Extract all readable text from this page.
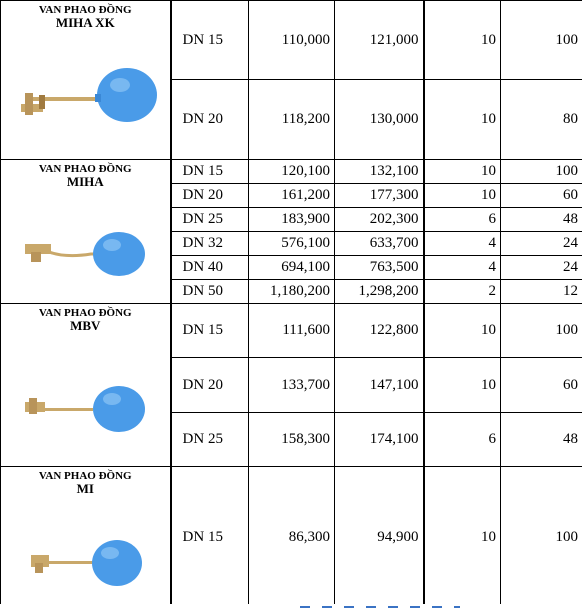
VAN PHAO ĐỒNG
MIHA XK	DN 15	110,000	121,000	10	100
	DN 20	118,200	130,000	10	80

VAN PHAO ĐỒNG
MIHA	DN 15	120,100	132,100	10	100
	DN 20	161,200	177,300	10	60
	DN 25	183,900	202,300	6	48
	DN 32	576,100	633,700	4	24
	DN 40	694,100	763,500	4	24
	DN 50	1,180,200	1,298,200	2	12

VAN PHAO ĐỒNG
MBV	DN 15	111,600	122,800	10	100
	DN 20	133,700	147,100	10	60
	DN 25	158,300	174,100	6	48

VAN PHAO ĐỒNG
MI	DN 15	86,300	94,900	10	100
